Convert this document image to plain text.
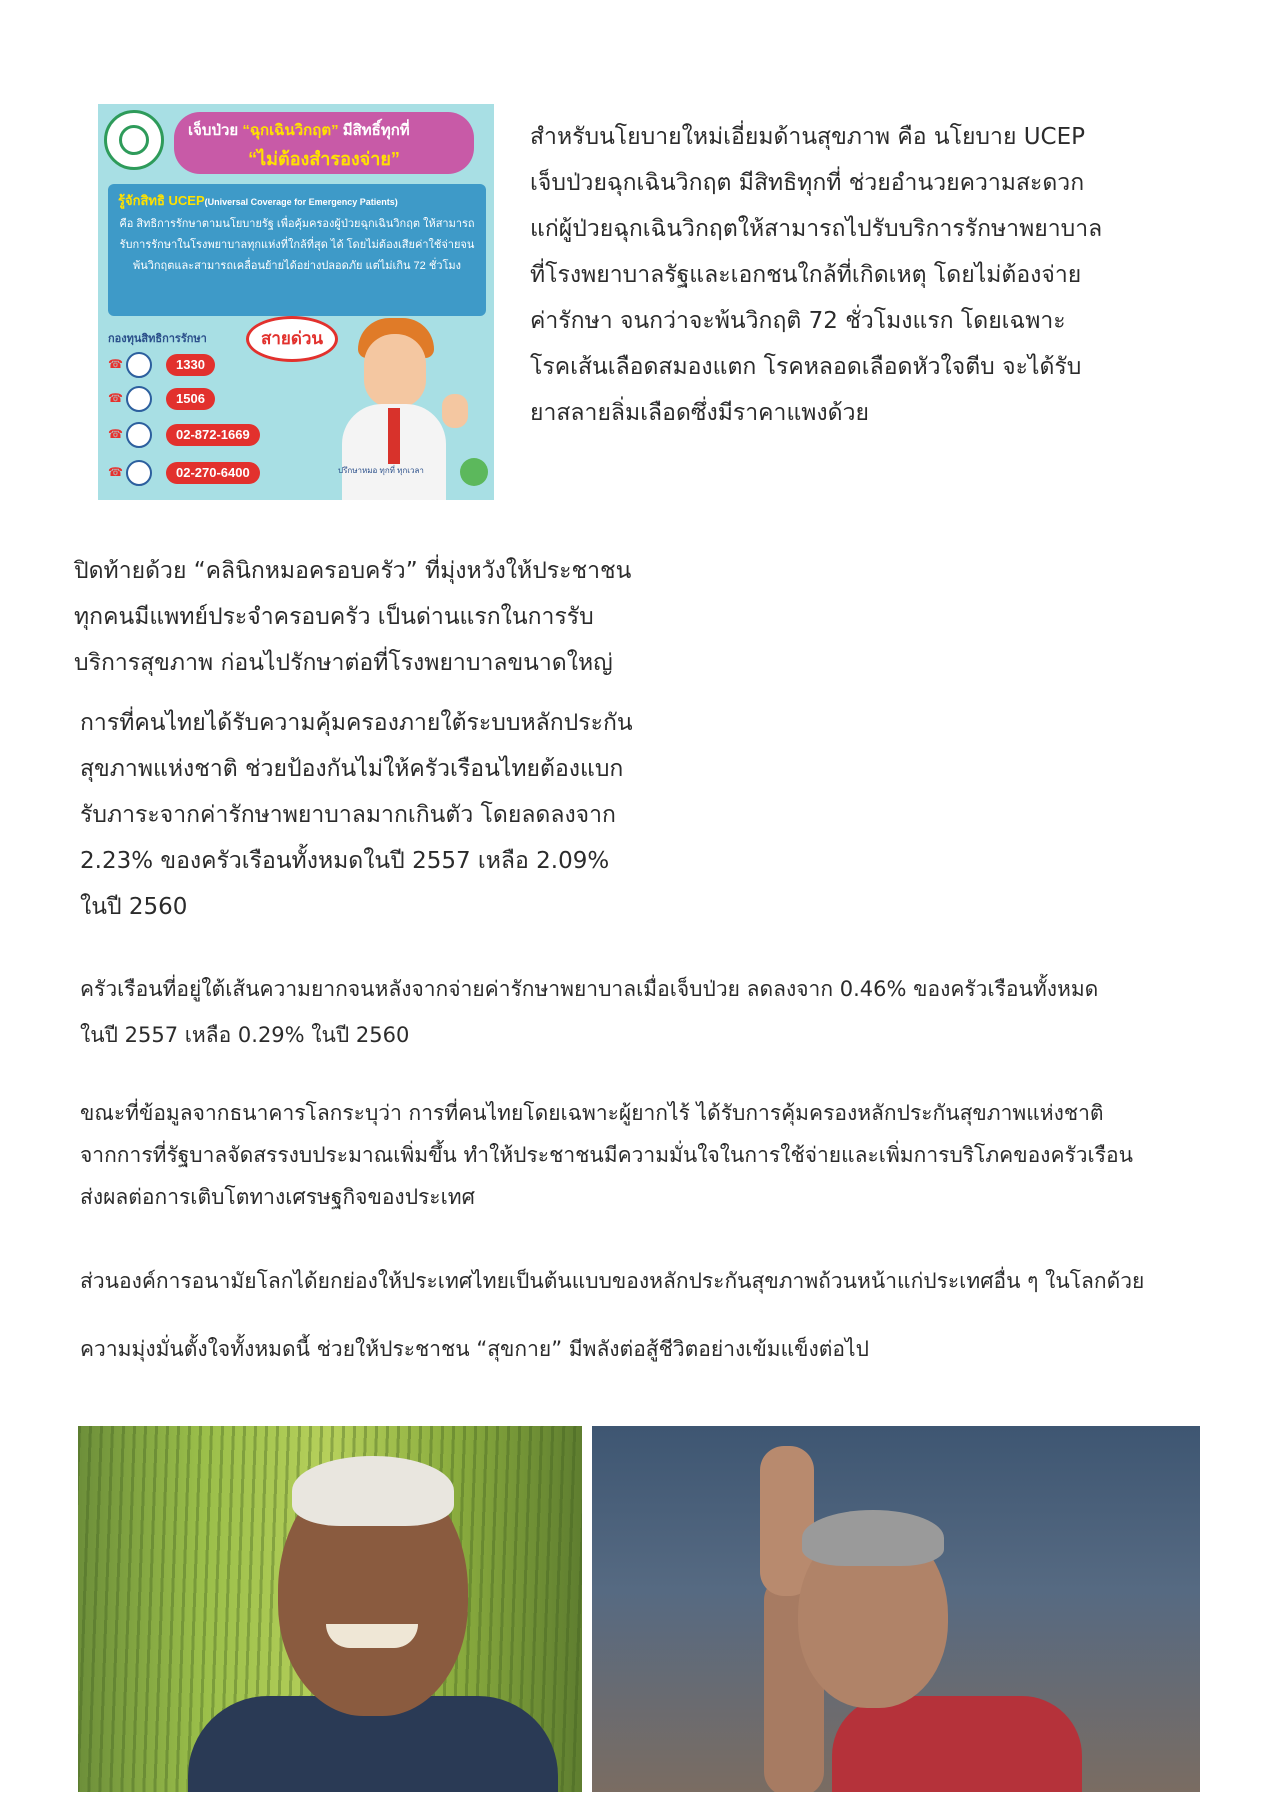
เจ็บป่วย “ฉุกเฉินวิกฤต” มีสิทธิ์ทุกที่
“ไม่ต้องสำรองจ่าย”
รู้จักสิทธิ UCEP(Universal Coverage for Emergency Patients)
คือ สิทธิการรักษาตามนโยบายรัฐ เพื่อคุ้มครองผู้ป่วยฉุกเฉินวิกฤต ให้สามารถรับการรักษาในโรงพยาบาลทุกแห่งที่ใกล้ที่สุด ได้ โดยไม่ต้องเสียค่าใช้จ่ายจนพ้นวิกฤตและสามารถเคลื่อนย้ายได้อย่างปลอดภัย แต่ไม่เกิน 72 ชั่วโมง
กองทุนสิทธิการรักษา
☎	1330
☎	1506
☎	02-872-1669
☎	02-270-6400
สายด่วน
ปรึกษาหมอ ทุกที่ ทุกเวลา
สำหรับนโยบายใหม่เอี่ยมด้านสุขภาพ คือ นโยบาย UCEP
เจ็บป่วยฉุกเฉินวิกฤต มีสิทธิทุกที่ ช่วยอำนวยความสะดวก
แก่ผู้ป่วยฉุกเฉินวิกฤตให้สามารถไปรับบริการรักษาพยาบาล
ที่โรงพยาบาลรัฐและเอกชนใกล้ที่เกิดเหตุ โดยไม่ต้องจ่าย
ค่ารักษา จนกว่าจะพ้นวิกฤติ 72 ชั่วโมงแรก โดยเฉพาะ
โรคเส้นเลือดสมองแตก โรคหลอดเลือดหัวใจตีบ จะได้รับ
ยาสลายลิ่มเลือดซึ่งมีราคาแพงด้วย
ปิดท้ายด้วย “คลินิกหมอครอบครัว” ที่มุ่งหวังให้ประชาชน
ทุกคนมีแพทย์ประจำครอบครัว เป็นด่านแรกในการรับ
บริการสุขภาพ ก่อนไปรักษาต่อที่โรงพยาบาลขนาดใหญ่
การที่คนไทยได้รับความคุ้มครองภายใต้ระบบหลักประกัน
สุขภาพแห่งชาติ ช่วยป้องกันไม่ให้ครัวเรือนไทยต้องแบก
รับภาระจากค่ารักษาพยาบาลมากเกินตัว โดยลดลงจาก
2.23% ของครัวเรือนทั้งหมดในปี 2557 เหลือ 2.09%
ในปี 2560
ครัวเรือนที่อยู่ใต้เส้นความยากจนหลังจากจ่ายค่ารักษาพยาบาลเมื่อเจ็บป่วย ลดลงจาก 0.46% ของครัวเรือนทั้งหมด
ในปี 2557 เหลือ 0.29% ในปี 2560
ขณะที่ข้อมูลจากธนาคารโลกระบุว่า การที่คนไทยโดยเฉพาะผู้ยากไร้ ได้รับการคุ้มครองหลักประกันสุขภาพแห่งชาติ
จากการที่รัฐบาลจัดสรรงบประมาณเพิ่มขึ้น ทำให้ประชาชนมีความมั่นใจในการใช้จ่ายและเพิ่มการบริโภคของครัวเรือน
ส่งผลต่อการเติบโตทางเศรษฐกิจของประเทศ
ส่วนองค์การอนามัยโลกได้ยกย่องให้ประเทศไทยเป็นต้นแบบของหลักประกันสุขภาพถ้วนหน้าแก่ประเทศอื่น ๆ ในโลกด้วย
ความมุ่งมั่นตั้งใจทั้งหมดนี้ ช่วยให้ประชาชน “สุขกาย” มีพลังต่อสู้ชีวิตอย่างเข้มแข็งต่อไป
